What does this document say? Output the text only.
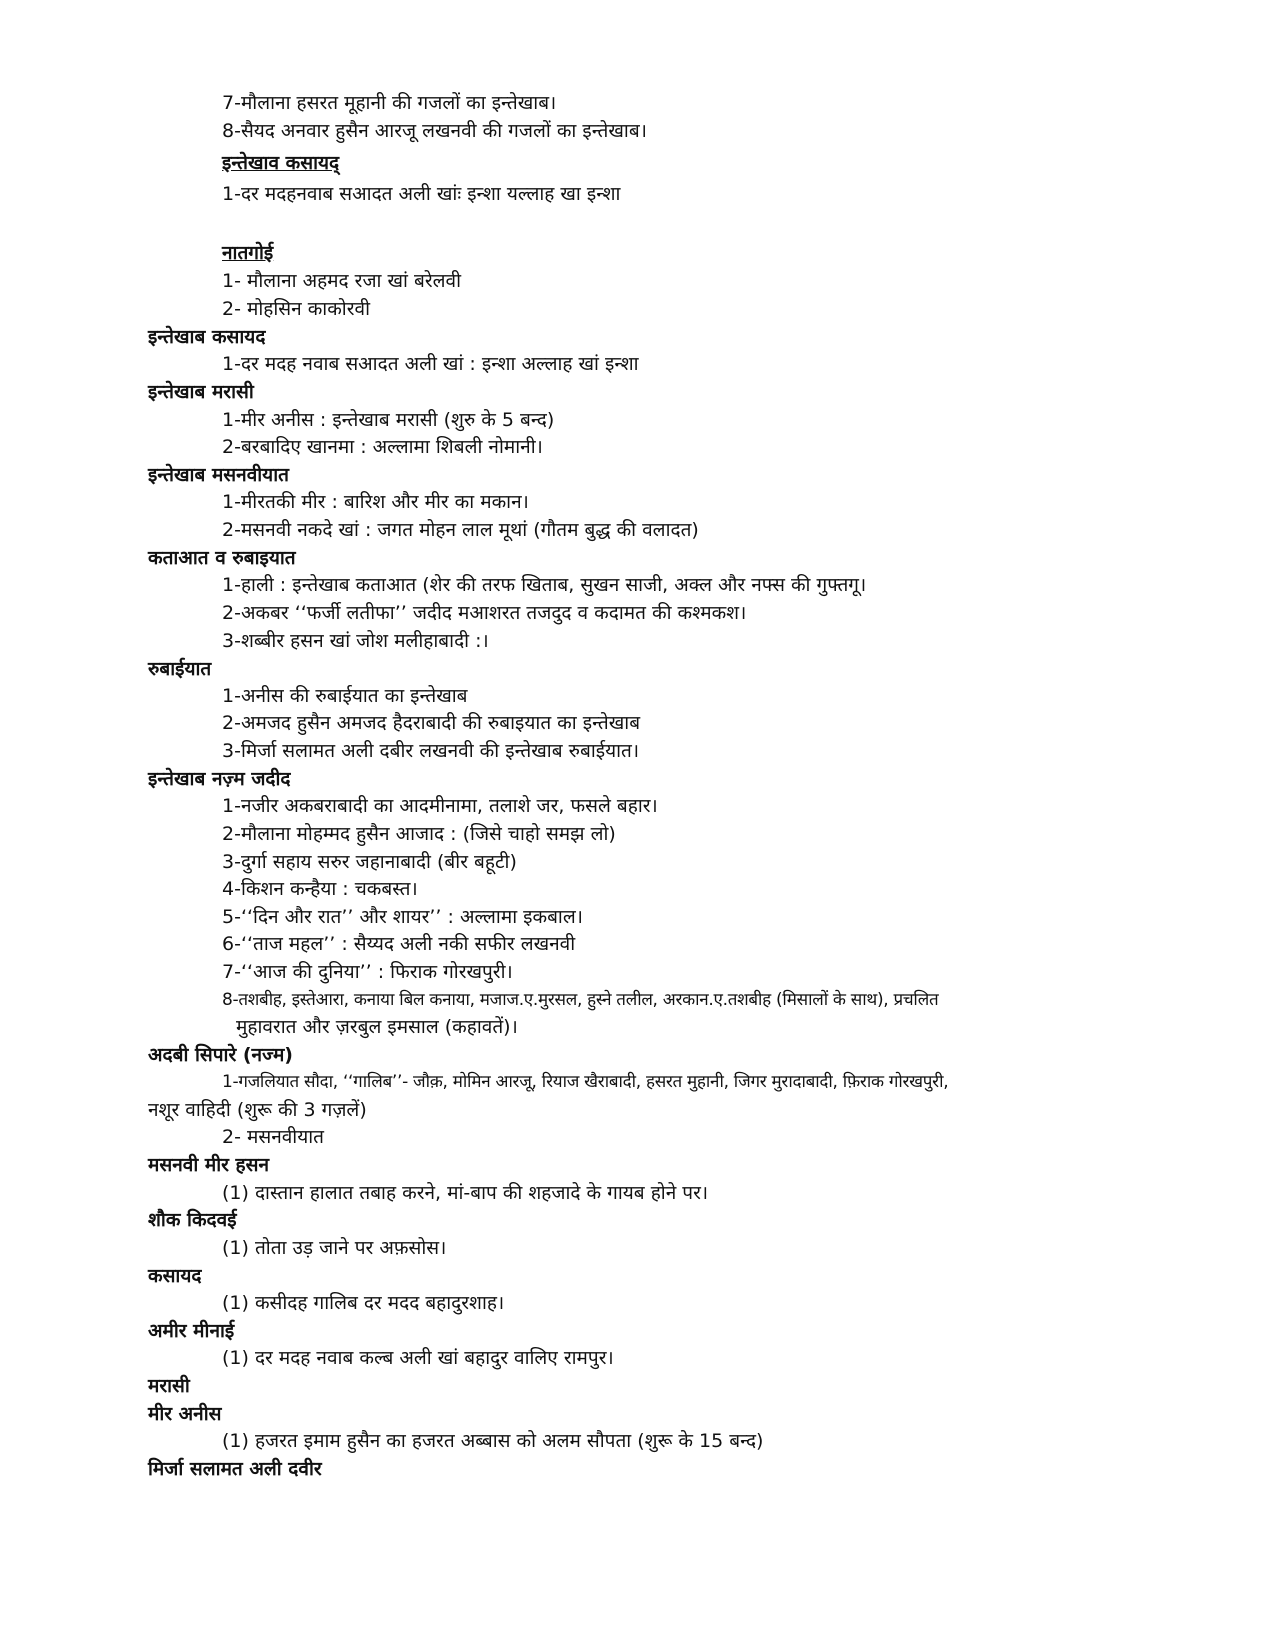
7-मौलाना हसरत मूहानी की गजलों का इन्तेखाब।
8-सैयद अनवार हुसैन आरजू लखनवी की गजलों का इन्तेखाब।
इन्तेखाव कसायद्
1-दर मदहनवाब सआदत अली खांः इन्शा यल्लाह खा इन्शा
नातगोई
1- मौलाना अहमद रजा खां बरेलवी
2- मोहसिन काकोरवी
इन्तेखाब कसायद
1-दर मदह नवाब सआदत अली खां : इन्शा अल्लाह खां इन्शा
इन्तेखाब मरासी
1-मीर अनीस : इन्तेखाब मरासी (शुरु के 5 बन्द)
2-बरबादिए खानमा : अल्लामा शिबली नोमानी।
इन्तेखाब मसनवीयात
1-मीरतकी मीर : बारिश और मीर का मकान।
2-मसनवी नकदे खां : जगत मोहन लाल मूथां (गौतम बुद्ध की वलादत)
कताआत व रुबाइयात
1-हाली : इन्तेखाब कताआत (शेर की तरफ खिताब, सुखन साजी, अक्ल और नफ्स की गुफ्तगू।
2-अकबर ‘‘फर्जी लतीफा’’ जदीद मआशरत तजदुद व कदामत की कश्मकश।
3-शब्बीर हसन खां जोश मलीहाबादी :।
रुबाईयात
1-अनीस की रुबाईयात का इन्तेखाब
2-अमजद हुसैन अमजद हैदराबादी की रुबाइयात का इन्तेखाब
3-मिर्जा सलामत अली दबीर लखनवी की इन्तेखाब रुबाईयात।
इन्तेखाब नज़्म जदीद
1-नजीर अकबराबादी का आदमीनामा, तलाशे जर, फसले बहार।
2-मौलाना मोहम्मद हुसैन आजाद : (जिसे चाहो समझ लो)
3-दुर्गा सहाय सरुर जहानाबादी (बीर बहूटी)
4-किशन कन्हैया : चकबस्त।
5-‘‘दिन और रात’’ और शायर’’ : अल्लामा इकबाल।
6-‘‘ताज महल’’ : सैय्यद अली नकी सफीर लखनवी
7-‘‘आज की दुनिया’’ : फिराक गोरखपुरी।
8-तशबीह, इस्तेआरा, कनाया बिल कनाया, मजाज.ए.मुरसल, हुस्ने तलील, अरकान.ए.तशबीह (मिसालों के साथ), प्रचलित
मुहावरात और ज़रबुल इमसाल (कहावतें)।
अदबी सिपारे (नज्म)
1-गजलियात सौदा, ‘‘गालिब’’- जौक़, मोमिन आरजू, रियाज खैराबादी, हसरत मुहानी, जिगर मुरादाबादी, फ़िराक गोरखपुरी,
नशूर वाहिदी (शुरू की 3 गज़लें)
2- मसनवीयात
मसनवी मीर हसन
(1) दास्तान हालात तबाह करने, मां-बाप की शहजादे के गायब होने पर।
शौक किदवई
(1) तोता उड़ जाने पर अफ़सोस।
कसायद
(1) कसीदह गालिब दर मदद बहादुरशाह।
अमीर मीनाई
(1) दर मदह नवाब कल्ब अली खां बहादुर वालिए रामपुर।
मरासी
मीर अनीस
(1) हजरत इमाम हुसैन का हजरत अब्बास को अलम सौपता (शुरू के 15 बन्द)
मिर्जा सलामत अली दवीर
